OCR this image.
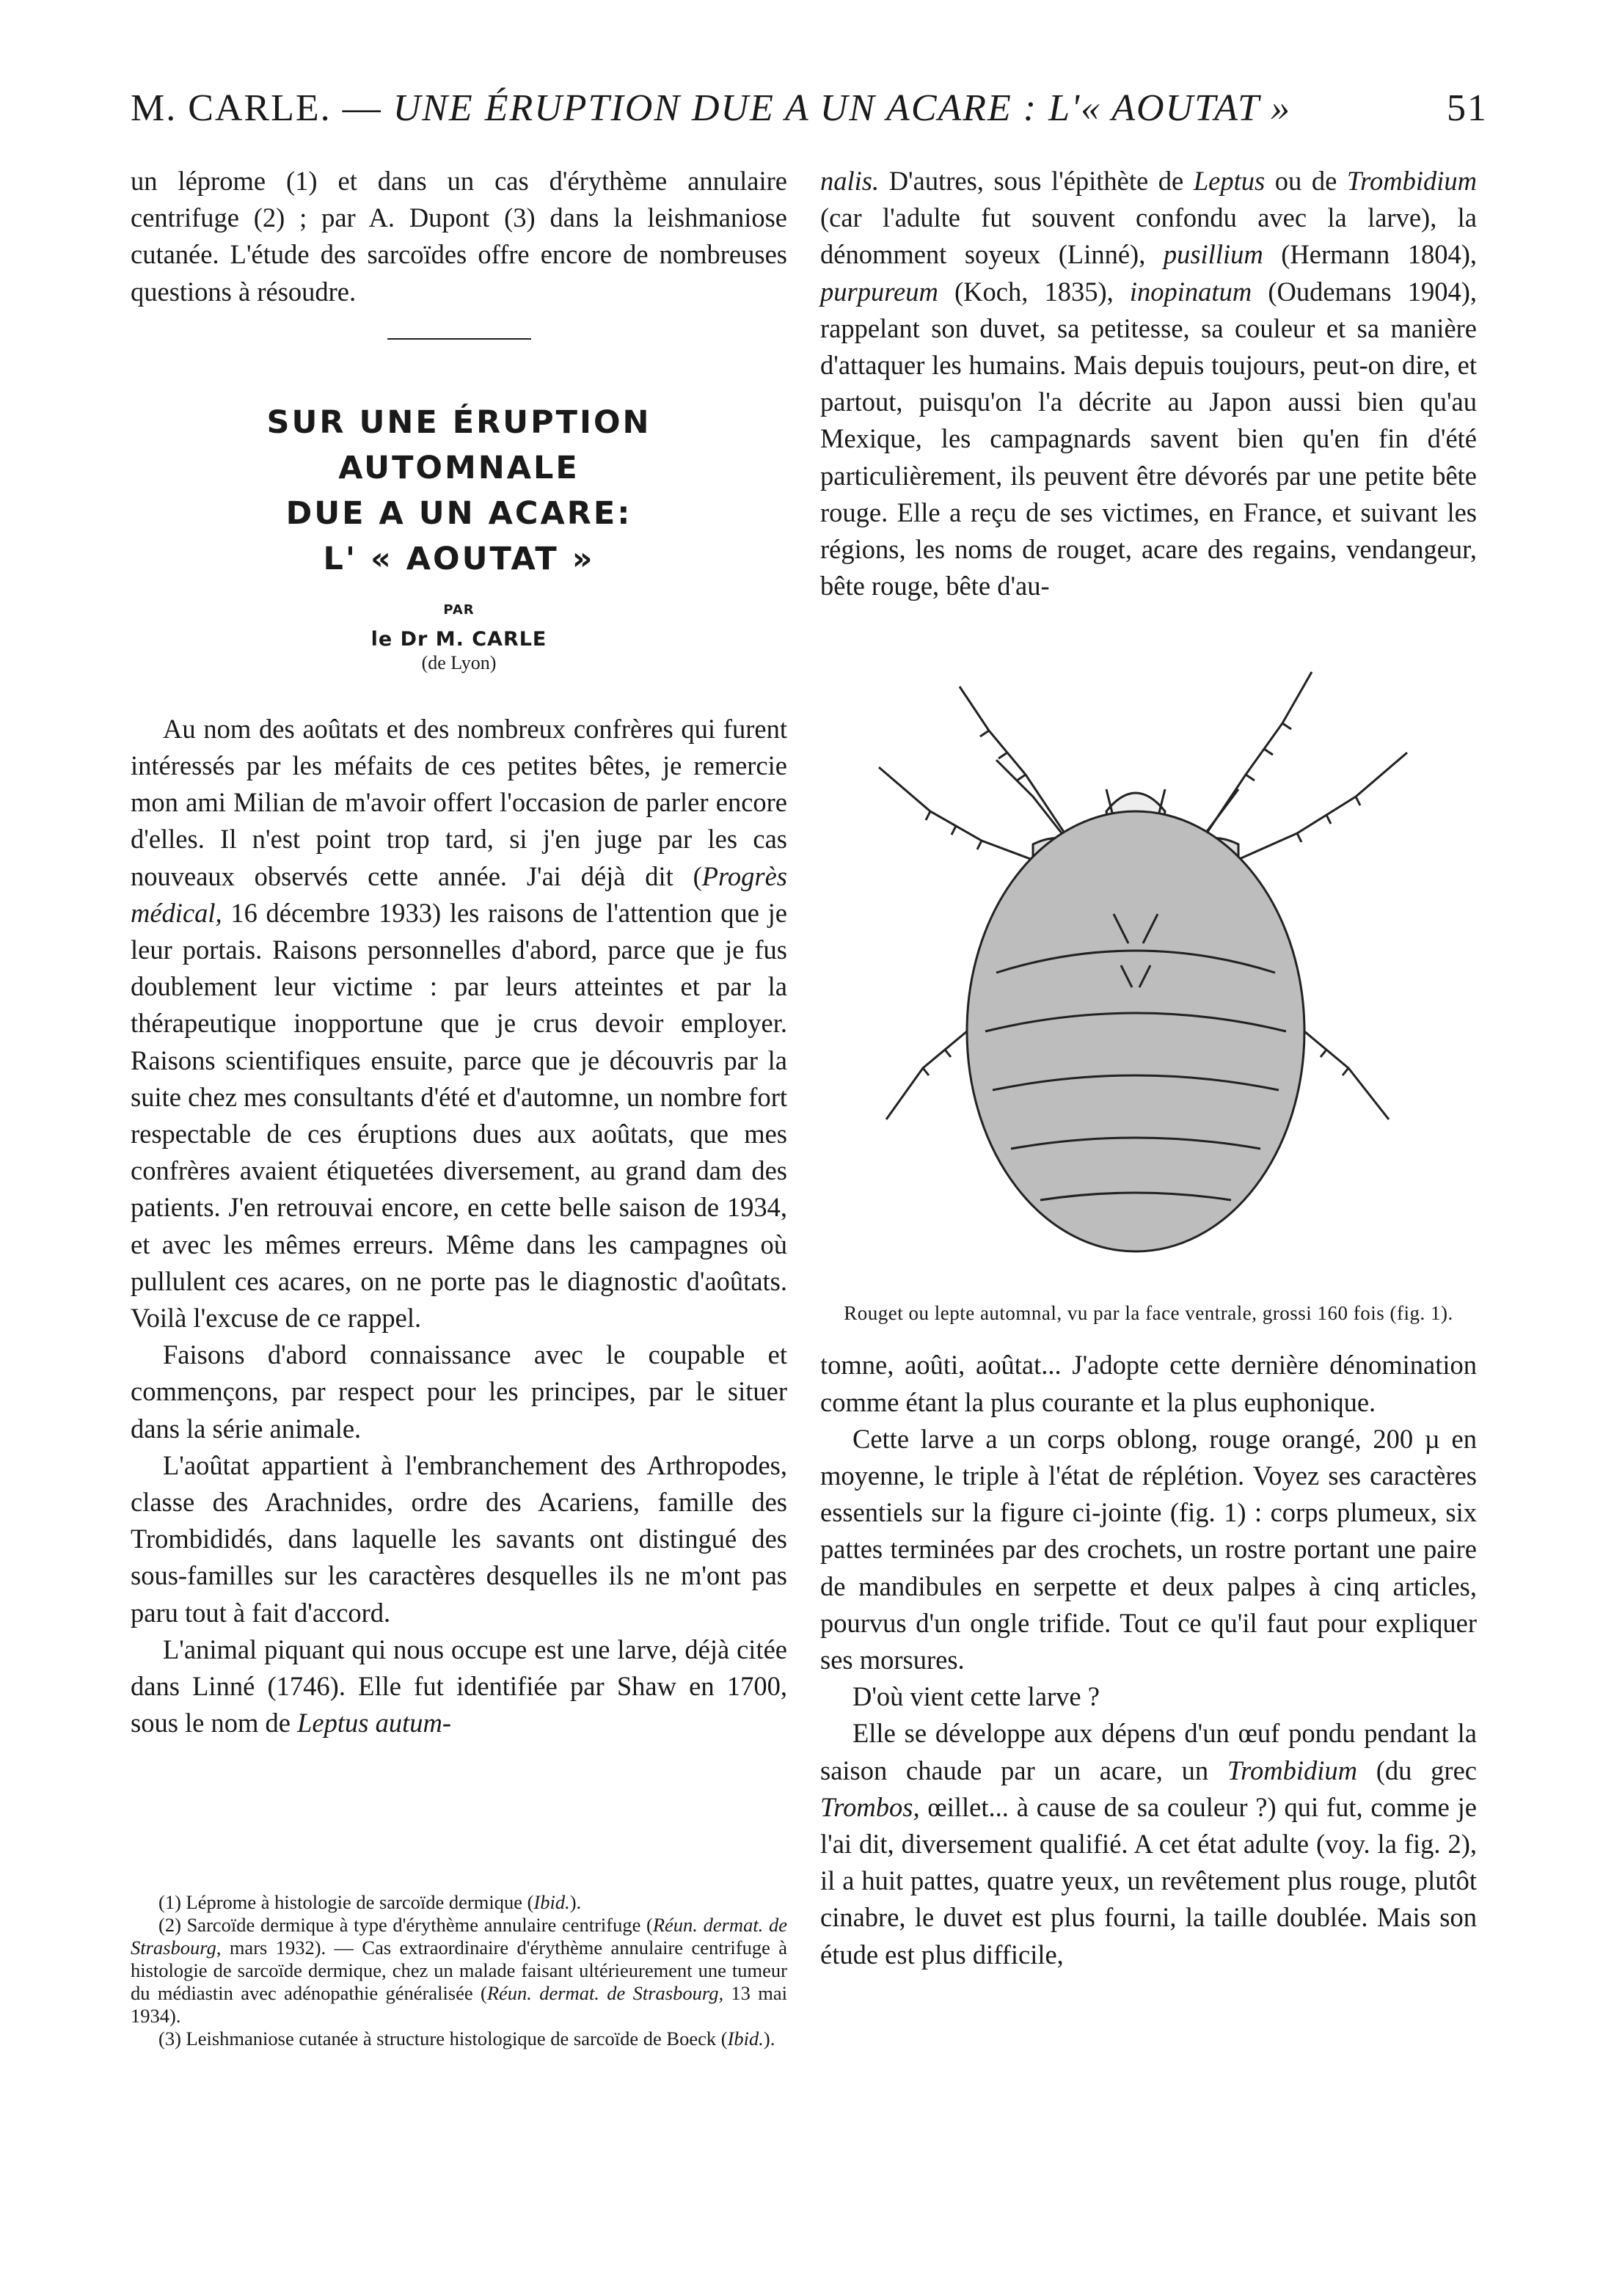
M. CARLE. — UNE ÉRUPTION DUE A UN ACARE : L'« AOUTAT »	51

un léprome (1) et dans un cas d'érythème annulaire centrifuge (2) ; par A. Dupont (3) dans la leishmaniose cutanée. L'étude des sarcoïdes offre encore de nombreuses questions à résoudre.

SUR UNE ÉRUPTION
AUTOMNALE
DUE A UN ACARE:
L' « AOUTAT »
PAR
le Dr M. CARLE
(de Lyon)

Au nom des aoûtats et des nombreux confrères qui furent intéressés par les méfaits de ces petites bêtes, je remercie mon ami Milian de m'avoir offert l'occasion de parler encore d'elles. Il n'est point trop tard, si j'en juge par les cas nouveaux observés cette année. J'ai déjà dit (Progrès médical, 16 décembre 1933) les raisons de l'attention que je leur portais. Raisons personnelles d'abord, parce que je fus doublement leur victime : par leurs atteintes et par la thérapeutique inopportune que je crus devoir employer. Raisons scientifiques ensuite, parce que je découvris par la suite chez mes consultants d'été et d'automne, un nombre fort respectable de ces éruptions dues aux aoûtats, que mes confrères avaient étiquetées diversement, au grand dam des patients. J'en retrouvai encore, en cette belle saison de 1934, et avec les mêmes erreurs. Même dans les campagnes où pullulent ces acares, on ne porte pas le diagnostic d'aoûtats. Voilà l'excuse de ce rappel.

Faisons d'abord connaissance avec le coupable et commençons, par respect pour les principes, par le situer dans la série animale.

L'aoûtat appartient à l'embranchement des Arthropodes, classe des Arachnides, ordre des Acariens, famille des Trombididés, dans laquelle les savants ont distingué des sous-familles sur les caractères desquelles ils ne m'ont pas paru tout à fait d'accord.

L'animal piquant qui nous occupe est une larve, déjà citée dans Linné (1746). Elle fut identifiée par Shaw en 1700, sous le nom de Leptus autum-

(1) Léprome à histologie de sarcoïde dermique (Ibid.).

(2) Sarcoïde dermique à type d'érythème annulaire centrifuge (Réun. dermat. de Strasbourg, mars 1932). — Cas extraordinaire d'érythème annulaire centrifuge à histologie de sarcoïde dermique, chez un malade faisant ultérieurement une tumeur du médiastin avec adénopathie généralisée (Réun. dermat. de Strasbourg, 13 mai 1934).

(3) Leishmaniose cutanée à structure histologique de sarcoïde de Boeck (Ibid.).

nalis. D'autres, sous l'épithète de Leptus ou de Trombidium (car l'adulte fut souvent confondu avec la larve), la dénomment soyeux (Linné), pusillium (Hermann 1804), purpureum (Koch, 1835), inopinatum (Oudemans 1904), rappelant son duvet, sa petitesse, sa couleur et sa manière d'attaquer les humains. Mais depuis toujours, peut-on dire, et partout, puisqu'on l'a décrite au Japon aussi bien qu'au Mexique, les campagnards savent bien qu'en fin d'été particulièrement, ils peuvent être dévorés par une petite bête rouge. Elle a reçu de ses victimes, en France, et suivant les régions, les noms de rouget, acare des regains, vendangeur, bête rouge, bête d'au-

Rouget ou lepte automnal, vu par la face ventrale, grossi 160 fois (fig. 1).

tomne, aoûti, aoûtat... J'adopte cette dernière dénomination comme étant la plus courante et la plus euphonique.

Cette larve a un corps oblong, rouge orangé, 200 µ en moyenne, le triple à l'état de réplétion. Voyez ses caractères essentiels sur la figure ci-jointe (fig. 1) : corps plumeux, six pattes terminées par des crochets, un rostre portant une paire de mandibules en serpette et deux palpes à cinq articles, pourvus d'un ongle trifide. Tout ce qu'il faut pour expliquer ses morsures.

D'où vient cette larve ?

Elle se développe aux dépens d'un œuf pondu pendant la saison chaude par un acare, un Trombidium (du grec Trombos, œillet... à cause de sa couleur ?) qui fut, comme je l'ai dit, diversement qualifié. A cet état adulte (voy. la fig. 2), il a huit pattes, quatre yeux, un revêtement plus rouge, plutôt cinabre, le duvet est plus fourni, la taille doublée. Mais son étude est plus difficile,
